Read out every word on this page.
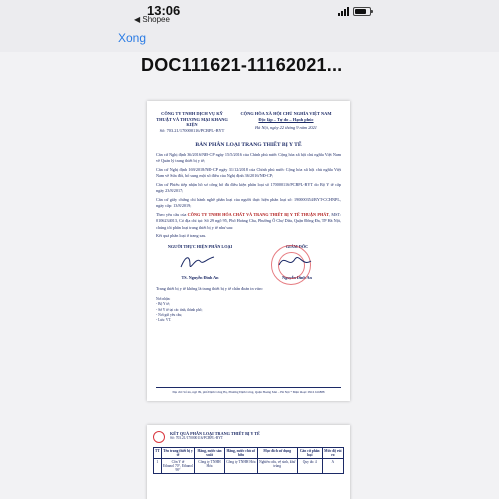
13:06
◀ Shopee
Xong
DOC111621-11162021...
CÔNG TY TNHH DỊCH VỤ KỸ THUẬT VÀ THƯƠNG MẠI KHANG KIỆN
Số: 703.21/170000116/PCBPL-BYT
CỘNG HÒA XÃ HỘI CHỦ NGHĨA VIỆT NAM
Độc lập – Tự do – Hạnh phúc
Hà Nội, ngày 22 tháng 9 năm 2021
BẢN PHÂN LOẠI TRANG THIẾT BỊ Y TẾ

Căn cứ Nghị định 36/2016/NĐ-CP ngày 15/5/2016 của Chính phủ nước Cộng hòa xã hội chủ nghĩa Việt Nam về Quản lý trang thiết bị y tế;

Căn cứ Nghị định 169/2018/NĐ-CP ngày 31/12/2018 của Chính phủ nước Cộng hòa xã hội chủ nghĩa Việt Nam về Sửa đổi, bổ sung một số điều của Nghị định 36/2016/NĐ-CP;

Căn cứ Phiếu tiếp nhận hồ sơ công bố đủ điều kiện phân loại số 170000116/PCBPL-BYT do Bộ Y tế cấp ngày 23/8/2017;

Căn cứ giấy chứng chỉ hành nghề phân loại của người thực hiện phân loại số: 190000354/BYT-CCHNPL, ngày cấp: 13/8/2019;

Theo yêu cầu của CÔNG TY TNHH HÓA CHẤT VÀ TRANG THIẾT BỊ Y TẾ THUẬN PHÁT, MST: 0106234013, Có địa chỉ tại: Số 29 ngõ 95, Phố Hoàng Cầu, Phường Ô Chợ Dừa, Quận Đống Đa, TP Hà Nội, chúng tôi phân loại trang thiết bị y tế như sau:

Kết quả phân loại ở trang sau.

NGƯỜI THỰC HIỆN PHÂN LOẠI
TS. Nguyễn Đình An
GIÁM ĐỐC
Nguyễn Đình An
Trang thiết bị y tế không là trang thiết bị y tế chẩn đoán in vitro
Nơi nhận:
- Bộ Y tế;
- Sở Y tế tại các tỉnh, thành phố;
- Nơi gửi yêu cầu;
- Lưu: VT.
Địa chỉ: Số nn, ngõ 99, phố Định Công Hạ, Phường Định Công, Quận Hoàng Mai – Hà Nội * Điện thoại: 0916 616888
KẾT QUẢ PHÂN LOẠI TRANG THIẾT BỊ Y TẾ
Số: 703.21/170000116/PCBPL-BYT
TT	Tên trang thiết bị y tế	Hãng, nước sản xuất	Hãng, nước chủ sở hữu	Mục đích sử dụng	Căn cứ phân loại	Mức độ rủi ro
1	Cồn Y tế
Ethanol 70°, Ethanol 90°	Công ty TNHH Hóa	Công ty TNHH Hóa	Nghiên cứu, vệ sinh, khử trùng	Quy tắc 4	A
